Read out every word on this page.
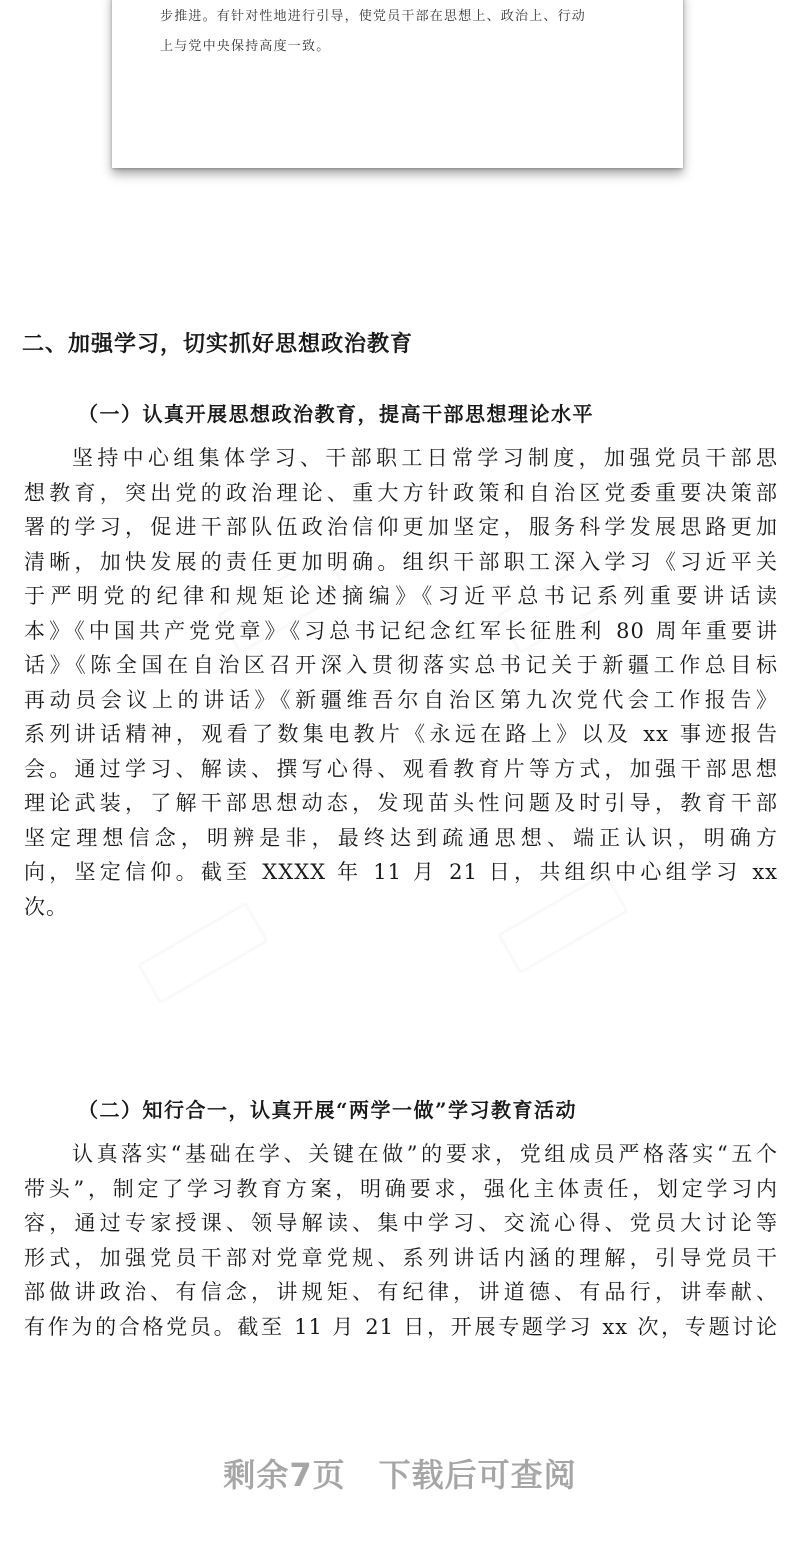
步推进。有针对性地进行引导，使党员干部在思想上、政治上、行动

上与党中央保持高度一致。

二、加强学习，切实抓好思想政治教育
（一）认真开展思想政治教育，提高干部思想理论水平
坚持中心组集体学习、干部职工日常学习制度，加强党员干部思
想教育，突出党的政治理论、重大方针政策和自治区党委重要决策部
署的学习，促进干部队伍政治信仰更加坚定，服务科学发展思路更加
清晰，加快发展的责任更加明确。组织干部职工深入学习《习近平关
于严明党的纪律和规矩论述摘编》《习近平总书记系列重要讲话读
本》《中国共产党党章》《习总书记纪念红军长征胜利 80 周年重要讲
话》《陈全国在自治区召开深入贯彻落实总书记关于新疆工作总目标
再动员会议上的讲话》《新疆维吾尔自治区第九次党代会工作报告》
系列讲话精神，观看了数集电教片《永远在路上》以及 xx 事迹报告
会。通过学习、解读、撰写心得、观看教育片等方式，加强干部思想
理论武装，了解干部思想动态，发现苗头性问题及时引导，教育干部
坚定理想信念，明辨是非，最终达到疏通思想、端正认识，明确方
向，坚定信仰。截至 XXXX 年 11 月 21 日，共组织中心组学习 xx
次。
（二）知行合一，认真开展“两学一做”学习教育活动
认真落实“基础在学、关键在做”的要求，党组成员严格落实“五个
带头”，制定了学习教育方案，明确要求，强化主体责任，划定学习内
容，通过专家授课、领导解读、集中学习、交流心得、党员大讨论等
形式，加强党员干部对党章党规、系列讲话内涵的理解，引导党员干
部做讲政治、有信念，讲规矩、有纪律，讲道德、有品行，讲奉献、
有作为的合格党员。截至 11 月 21 日，开展专题学习 xx 次，专题讨论
剩余7页　下载后可查阅
